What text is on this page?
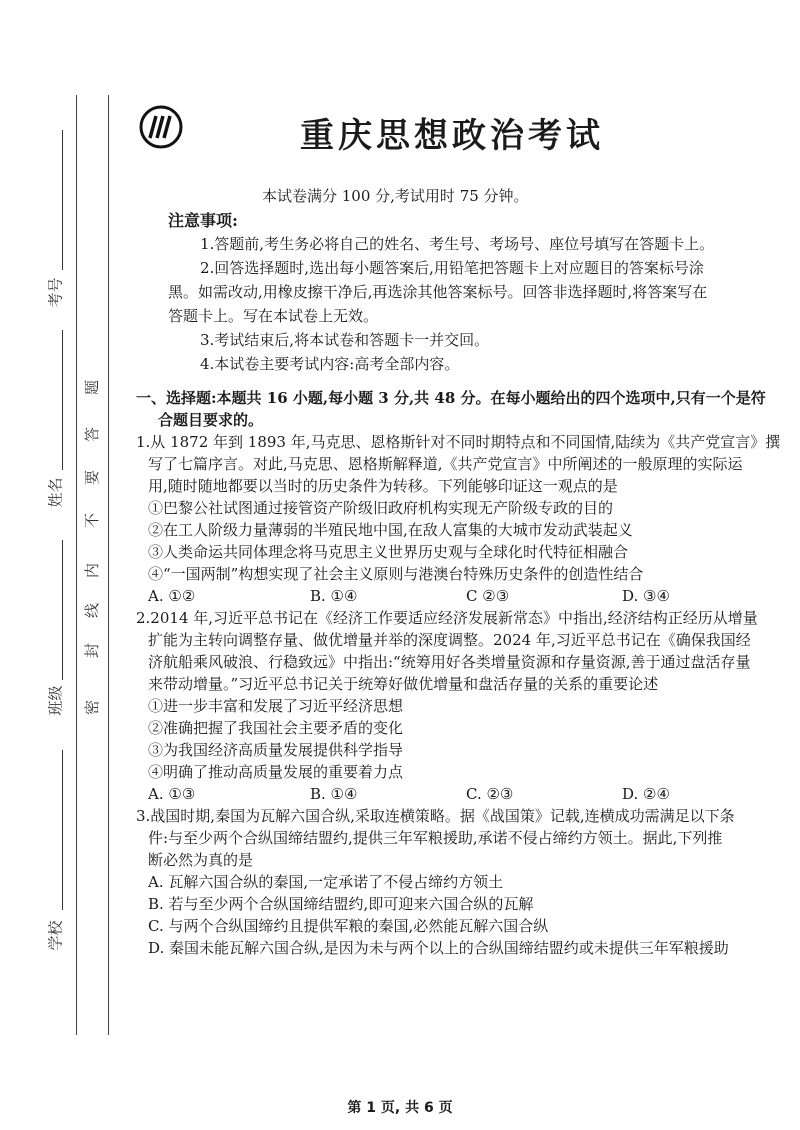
考号
姓名
班级
学校
密
封
线
内
不
要
答
题
重庆思想政治考试
本试卷满分 100 分,考试用时 75 分钟。
注意事项:
1.答题前,考生务必将自己的姓名、考生号、考场号、座位号填写在答题卡上。
2.回答选择题时,选出每小题答案后,用铅笔把答题卡上对应题目的答案标号涂
黑。如需改动,用橡皮擦干净后,再选涂其他答案标号。回答非选择题时,将答案写在
答题卡上。写在本试卷上无效。
3.考试结束后,将本试卷和答题卡一并交回。
4.本试卷主要考试内容:高考全部内容。
一、选择题:本题共 16 小题,每小题 3 分,共 48 分。在每小题给出的四个选项中,只有一个是符
合题目要求的。
1.从 1872 年到 1893 年,马克思、恩格斯针对不同时期特点和不同国情,陆续为《共产党宣言》撰
写了七篇序言。对此,马克思、恩格斯解释道,《共产党宣言》中所阐述的一般原理的实际运
用,随时随地都要以当时的历史条件为转移。下列能够印证这一观点的是
①巴黎公社试图通过接管资产阶级旧政府机构实现无产阶级专政的目的
②在工人阶级力量薄弱的半殖民地中国,在敌人富集的大城市发动武装起义
③人类命运共同体理念将马克思主义世界历史观与全球化时代特征相融合
④“一国两制”构想实现了社会主义原则与港澳台特殊历史条件的创造性结合
A. ①②	B. ①④	C ②③	D. ③④
2.2014 年,习近平总书记在《经济工作要适应经济发展新常态》中指出,经济结构正经历从增量
扩能为主转向调整存量、做优增量并举的深度调整。2024 年,习近平总书记在《确保我国经
济航船乘风破浪、行稳致远》中指出:“统筹用好各类增量资源和存量资源,善于通过盘活存量
来带动增量。”习近平总书记关于统筹好做优增量和盘活存量的关系的重要论述
①进一步丰富和发展了习近平经济思想
②准确把握了我国社会主要矛盾的变化
③为我国经济高质量发展提供科学指导
④明确了推动高质量发展的重要着力点
A. ①③	B. ①④	C. ②③	D. ②④
3.战国时期,秦国为瓦解六国合纵,采取连横策略。据《战国策》记载,连横成功需满足以下条
件:与至少两个合纵国缔结盟约,提供三年军粮援助,承诺不侵占缔约方领土。据此,下列推
断必然为真的是
A. 瓦解六国合纵的秦国,一定承诺了不侵占缔约方领土
B. 若与至少两个合纵国缔结盟约,即可迎来六国合纵的瓦解
C. 与两个合纵国缔约且提供军粮的秦国,必然能瓦解六国合纵
D. 秦国未能瓦解六国合纵,是因为未与两个以上的合纵国缔结盟约或未提供三年军粮援助
第 1 页, 共 6 页
